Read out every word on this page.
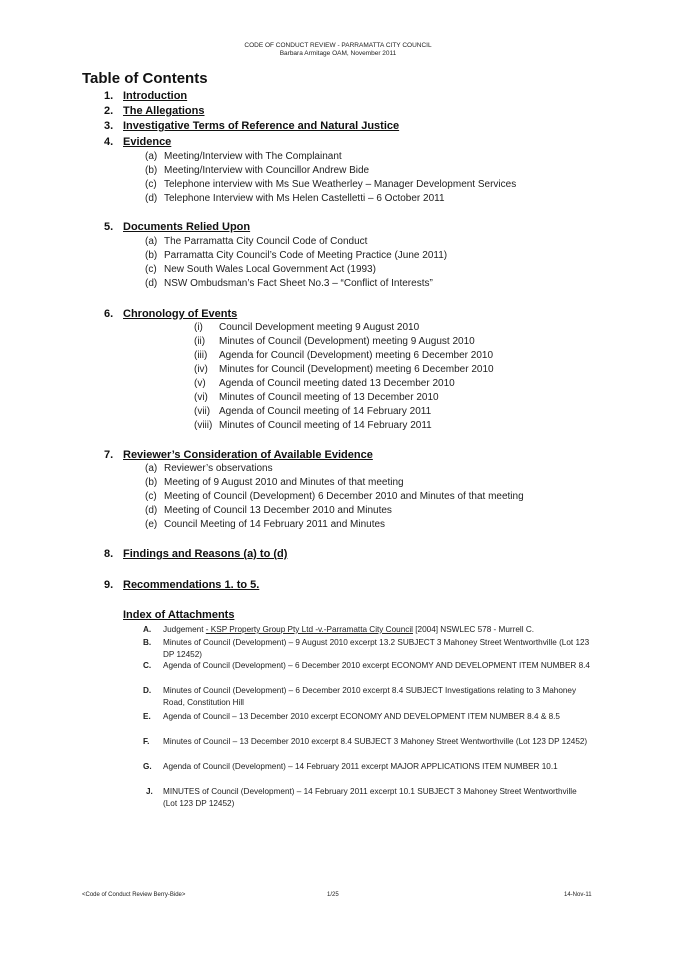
CODE OF CONDUCT REVIEW - PARRAMATTA CITY COUNCIL
Barbara Armitage OAM, November 2011
Table of Contents
1. Introduction
2. The Allegations
3. Investigative Terms of Reference and Natural Justice
4. Evidence
(a) Meeting/Interview with The Complainant
(b) Meeting/Interview with Councillor Andrew Bide
(c) Telephone interview with Ms Sue Weatherley – Manager Development Services
(d) Telephone Interview with Ms Helen Castelletti – 6 October 2011
5. Documents Relied Upon
(a) The Parramatta City Council Code of Conduct
(b) Parramatta City Council’s Code of Meeting Practice (June 2011)
(c) New South Wales Local Government Act (1993)
(d) NSW Ombudsman’s Fact Sheet No.3 – “Conflict of Interests”
6. Chronology of Events
(i) Council Development meeting 9 August 2010
(ii) Minutes of Council (Development) meeting 9 August 2010
(iii) Agenda for Council (Development) meeting 6 December 2010
(iv) Minutes for Council (Development) meeting 6 December 2010
(v) Agenda of Council meeting dated 13 December 2010
(vi) Minutes of Council meeting of 13 December 2010
(vii) Agenda of Council meeting of 14 February 2011
(viii) Minutes of Council meeting of 14 February 2011
7. Reviewer’s Consideration of Available Evidence
(a) Reviewer’s observations
(b) Meeting of 9 August 2010 and Minutes of that meeting
(c) Meeting of Council (Development) 6 December 2010 and Minutes of that meeting
(d) Meeting of Council 13 December 2010 and Minutes
(e) Council Meeting of 14 February 2011 and Minutes
8. Findings and Reasons (a) to (d)
9. Recommendations 1. to 5.
Index of Attachments
A. Judgement - KSP Property Group Pty Ltd -v.-Parramatta City Council [2004] NSWLEC 578 - Murrell C.
B. Minutes of Council (Development) – 9 August 2010 excerpt 13.2 SUBJECT 3 Mahoney Street Wentworthville (Lot 123 DP 12452)
C. Agenda of Council (Development) – 6 December 2010 excerpt ECONOMY AND DEVELOPMENT ITEM NUMBER 8.4
D. Minutes of Council (Development) – 6 December 2010 excerpt 8.4 SUBJECT Investigations relating to 3 Mahoney Road, Constitution Hill
E. Agenda of Council – 13 December 2010 excerpt ECONOMY AND DEVELOPMENT ITEM NUMBER 8.4 & 8.5
F. Minutes of Council – 13 December 2010 excerpt 8.4 SUBJECT 3 Mahoney Street Wentworthville (Lot 123 DP 12452)
G. Agenda of Council (Development) – 14 February 2011 excerpt MAJOR APPLICATIONS ITEM NUMBER 10.1
J. MINUTES of Council (Development) – 14 February 2011 excerpt 10.1 SUBJECT 3 Mahoney Street Wentworthville (Lot 123 DP 12452)
<Code of Conduct Review Berry-Bide>	1/25	14-Nov-11
